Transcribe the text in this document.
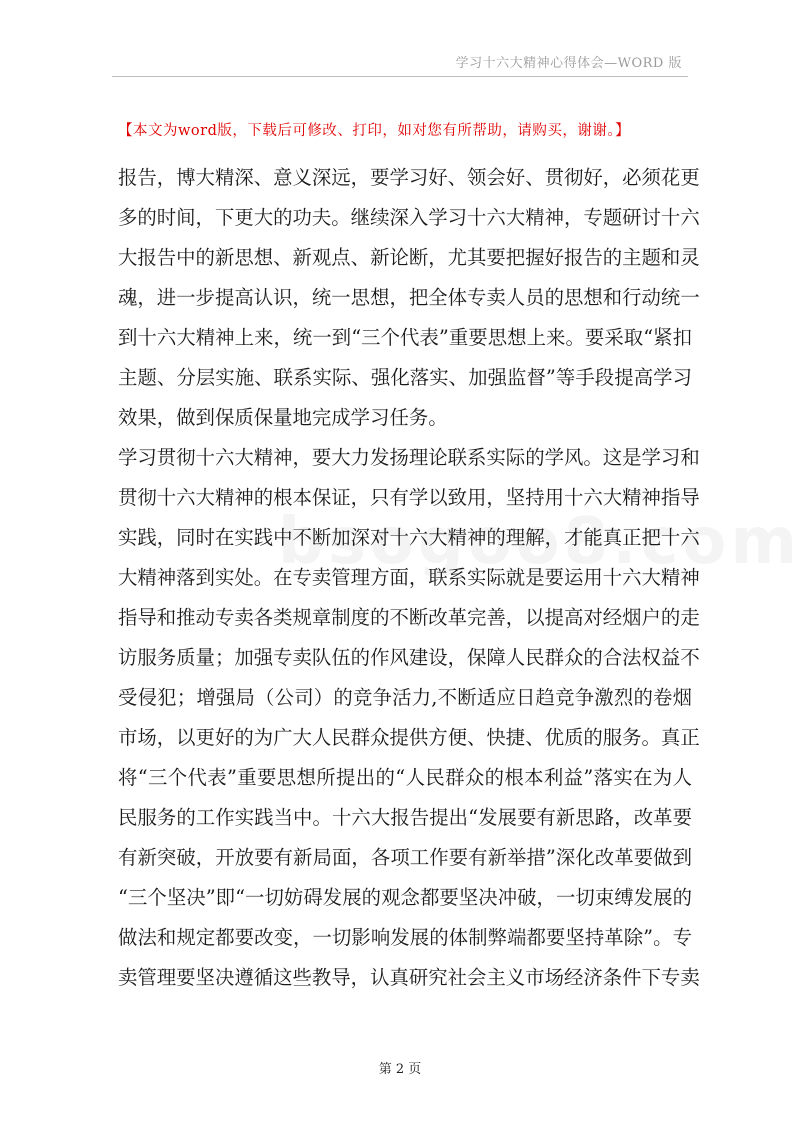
学习十六大精神心得体会—WORD 版
【本文为word版，下载后可修改、打印，如对您有所帮助，请购买，谢谢。】
报告，博大精深、意义深远，要学习好、领会好、贯彻好，必须花更
多的时间，下更大的功夫。继续深入学习十六大精神，专题研讨十六
大报告中的新思想、新观点、新论断，尤其要把握好报告的主题和灵
魂，进一步提高认识，统一思想，把全体专卖人员的思想和行动统一
到十六大精神上来，统一到“三个代表”重要思想上来。要采取“紧扣
主题、分层实施、联系实际、强化落实、加强监督”等手段提高学习
效果，做到保质保量地完成学习任务。
学习贯彻十六大精神，要大力发扬理论联系实际的学风。这是学习和
贯彻十六大精神的根本保证，只有学以致用，坚持用十六大精神指导
实践，同时在实践中不断加深对十六大精神的理解，才能真正把十六
大精神落到实处。在专卖管理方面，联系实际就是要运用十六大精神
指导和推动专卖各类规章制度的不断改革完善，以提高对经烟户的走
访服务质量；加强专卖队伍的作风建设，保障人民群众的合法权益不
受侵犯；增强局（公司）的竞争活力,不断适应日趋竞争激烈的卷烟
市场，以更好的为广大人民群众提供方便、快捷、优质的服务。真正
将“三个代表”重要思想所提出的“人民群众的根本利益”落实在为人
民服务的工作实践当中。十六大报告提出“发展要有新思路，改革要
有新突破，开放要有新局面，各项工作要有新举措”深化改革要做到
“三个坚决”即“一切妨碍发展的观念都要坚决冲破，一切束缚发展的
做法和规定都要改变，一切影响发展的体制弊端都要坚持革除”。专
卖管理要坚决遵循这些教导，认真研究社会主义市场经济条件下专卖
第 2 页
